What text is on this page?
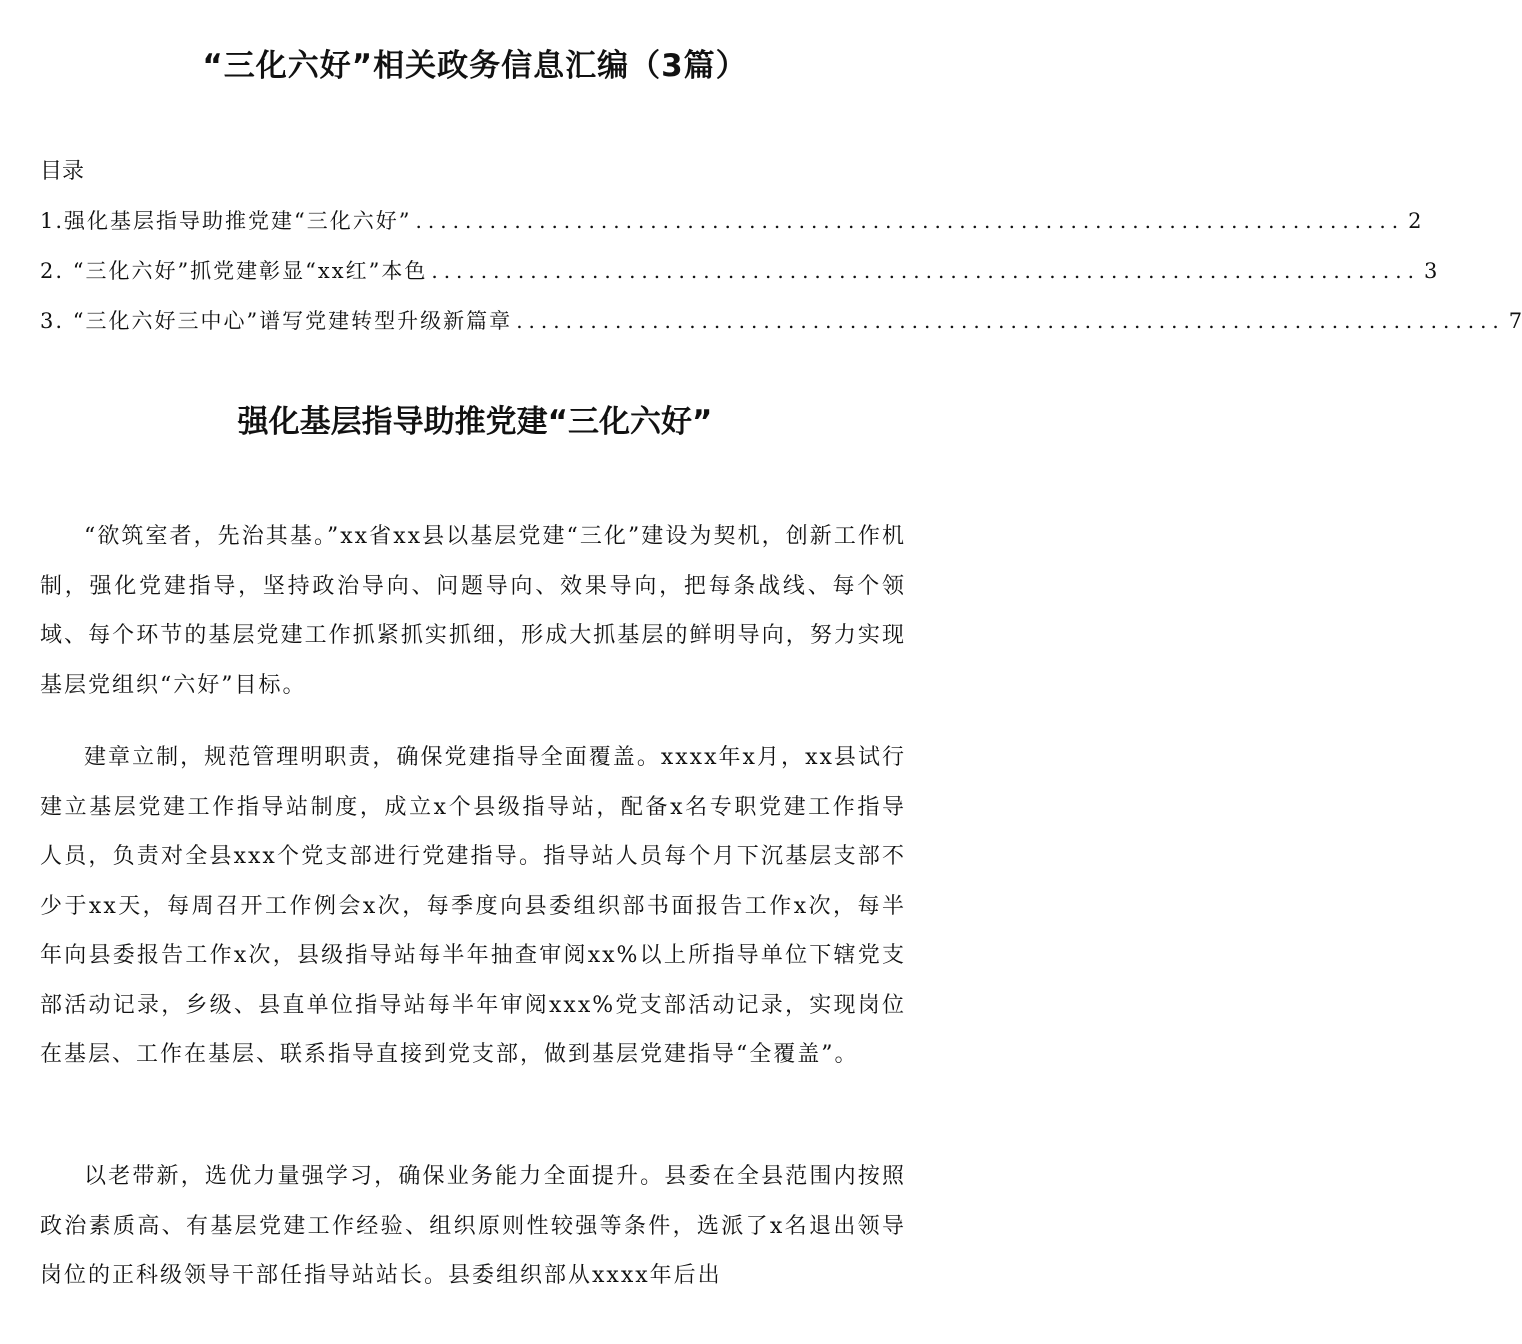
“三化六好”相关政务信息汇编（3篇）
目录
1.强化基层指导助推党建“三化六好” ................................................................................ 2
2. “三化六好”抓党建彰显“xx红”本色 ................................................................................ 3
3. “三化六好三中心”谱写党建转型升级新篇章 ................................................................................ 7
强化基层指导助推党建“三化六好”

“欲筑室者，先治其基。”xx省xx县以基层党建“三化”建设为契机，创新工作机制，强化党建指导，坚持政治导向、问题导向、效果导向，把每条战线、每个领域、每个环节的基层党建工作抓紧抓实抓细，形成大抓基层的鲜明导向，努力实现基层党组织“六好”目标。

建章立制，规范管理明职责，确保党建指导全面覆盖。xxxx年x月，xx县试行建立基层党建工作指导站制度，成立x个县级指导站，配备x名专职党建工作指导人员，负责对全县xxx个党支部进行党建指导。指导站人员每个月下沉基层支部不少于xx天，每周召开工作例会x次，每季度向县委组织部书面报告工作x次，每半年向县委报告工作x次，县级指导站每半年抽查审阅xx%以上所指导单位下辖党支部活动记录，乡级、县直单位指导站每半年审阅xxx%党支部活动记录，实现岗位在基层、工作在基层、联系指导直接到党支部，做到基层党建指导“全覆盖”。

以老带新，选优力量强学习，确保业务能力全面提升。县委在全县范围内按照政治素质高、有基层党建工作经验、组织原则性较强等条件，选派了x名退出领导岗位的正科级领导干部任指导站站长。县委组织部从xxxx年后出
